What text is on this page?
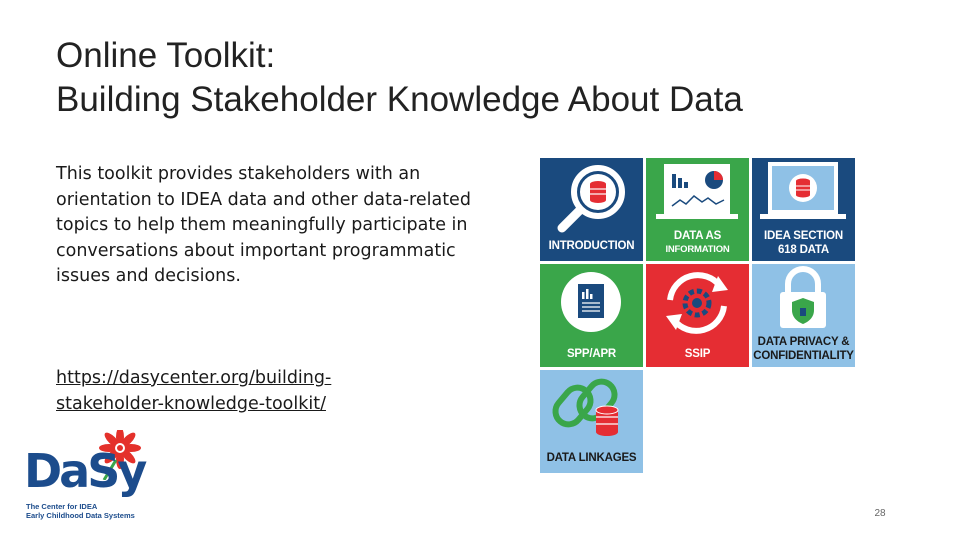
Online Toolkit:
Building Stakeholder Knowledge About Data

This toolkit provides stakeholders with an orientation to IDEA data and other data-related topics to help them meaningfully participate in conversations about important programmatic issues and decisions.

https://dasycenter.org/building-stakeholder-knowledge-toolkit/
INTRODUCTION
DATA AS
INFORMATION
IDEA SECTION
618 DATA
SPP/APR	SSIP
DATA PRIVACY &
CONFIDENTIALITY
DATA LINKAGES
DaSy
The Center for IDEA
Early Childhood Data Systems	28
